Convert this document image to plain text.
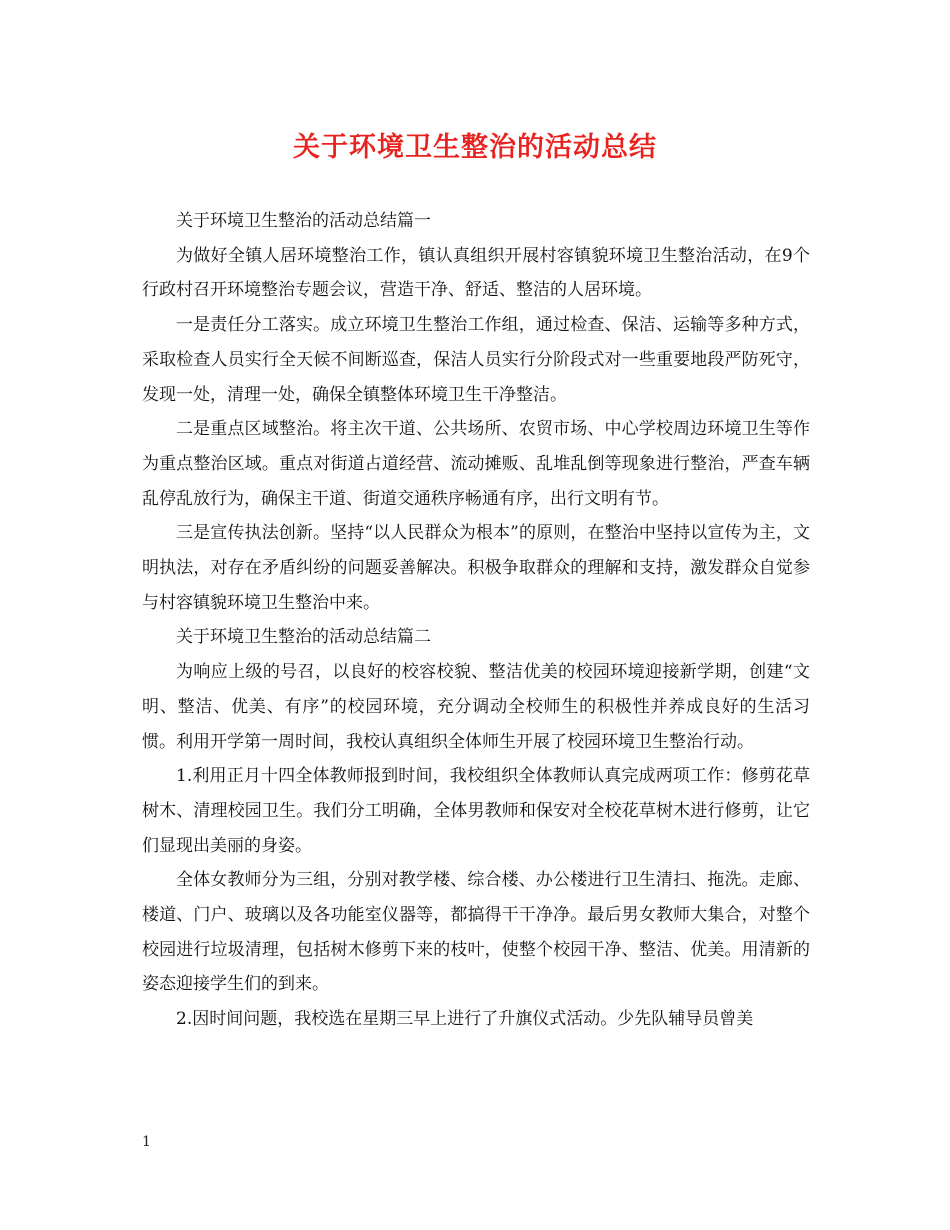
关于环境卫生整治的活动总结

关于环境卫生整治的活动总结篇一

为做好全镇人居环境整治工作，镇认真组织开展村容镇貌环境卫生整治活动，在9个行政村召开环境整治专题会议，营造干净、舒适、整洁的人居环境。

一是责任分工落实。成立环境卫生整治工作组，通过检查、保洁、运输等多种方式，采取检查人员实行全天候不间断巡查，保洁人员实行分阶段式对一些重要地段严防死守，发现一处，清理一处，确保全镇整体环境卫生干净整洁。

二是重点区域整治。将主次干道、公共场所、农贸市场、中心学校周边环境卫生等作为重点整治区域。重点对街道占道经营、流动摊贩、乱堆乱倒等现象进行整治，严查车辆乱停乱放行为，确保主干道、街道交通秩序畅通有序，出行文明有节。

三是宣传执法创新。坚持“以人民群众为根本”的原则，在整治中坚持以宣传为主，文明执法，对存在矛盾纠纷的问题妥善解决。积极争取群众的理解和支持，激发群众自觉参与村容镇貌环境卫生整治中来。

关于环境卫生整治的活动总结篇二

为响应上级的号召，以良好的校容校貌、整洁优美的校园环境迎接新学期，创建“文明、整洁、优美、有序”的校园环境，充分调动全校师生的积极性并养成良好的生活习惯。利用开学第一周时间，我校认真组织全体师生开展了校园环境卫生整治行动。

1.利用正月十四全体教师报到时间，我校组织全体教师认真完成两项工作：修剪花草树木、清理校园卫生。我们分工明确，全体男教师和保安对全校花草树木进行修剪，让它们显现出美丽的身姿。

全体女教师分为三组，分别对教学楼、综合楼、办公楼进行卫生清扫、拖洗。走廊、楼道、门户、玻璃以及各功能室仪器等，都搞得干干净净。最后男女教师大集合，对整个校园进行垃圾清理，包括树木修剪下来的枝叶，使整个校园干净、整洁、优美。用清新的姿态迎接学生们的到来。

2.因时间问题，我校选在星期三早上进行了升旗仪式活动。少先队辅导员曾美

1
